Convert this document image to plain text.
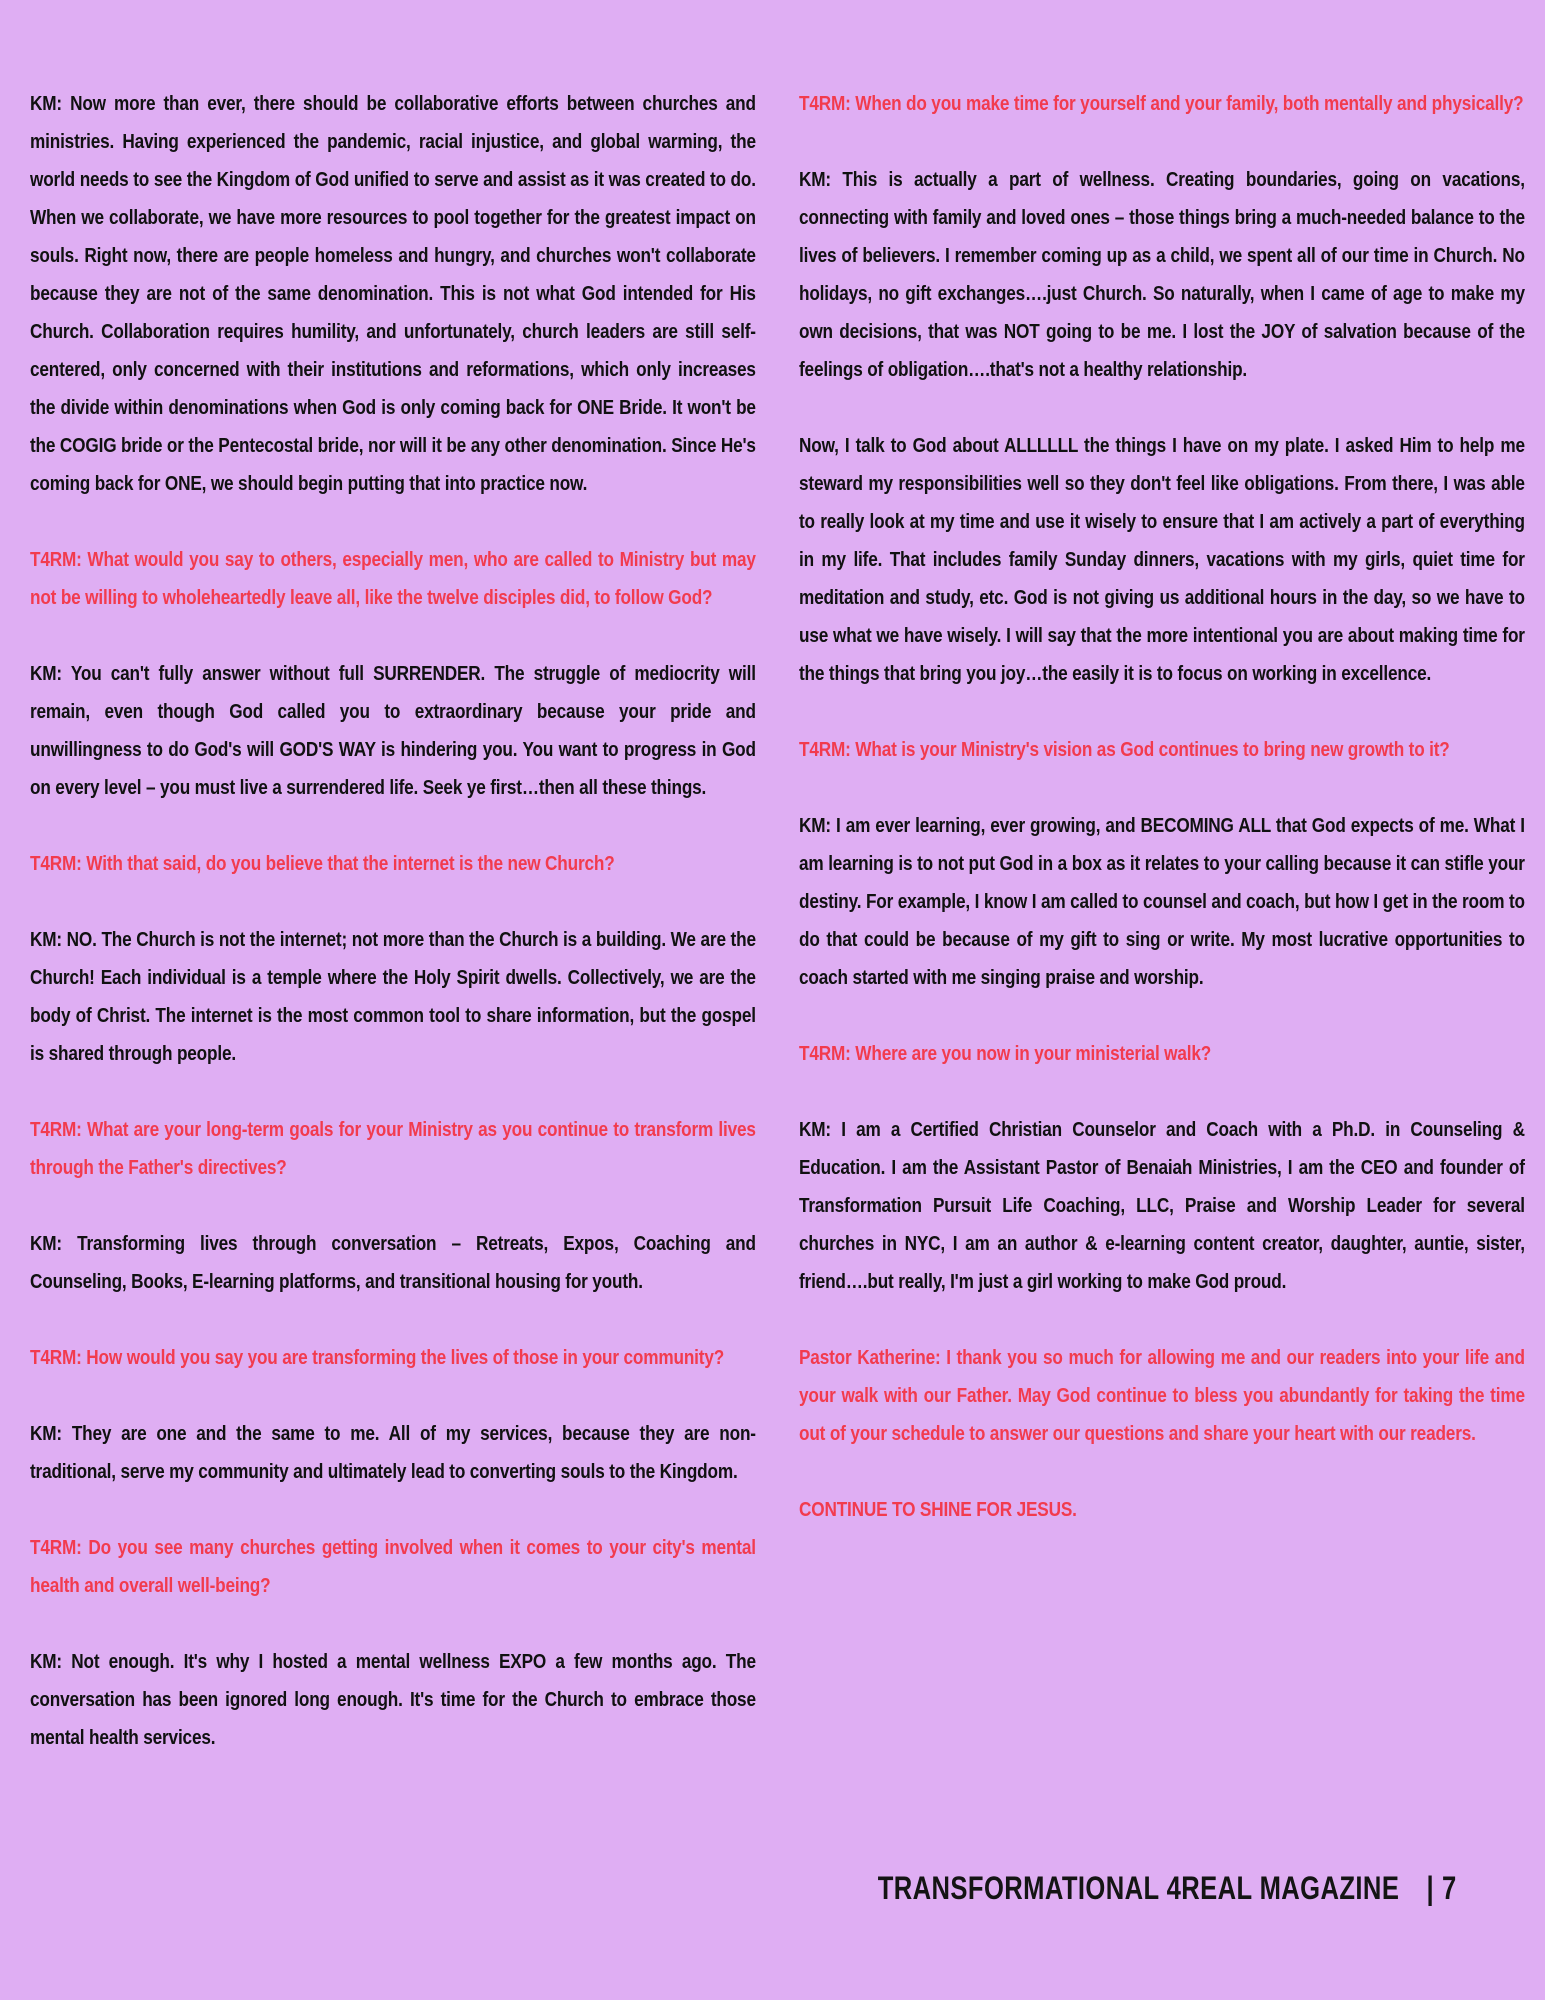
KM: Now more than ever, there should be collaborative efforts between churches and ministries. Having experienced the pandemic, racial injustice, and global warming, the world needs to see the Kingdom of God unified to serve and assist as it was created to do. When we collaborate, we have more resources to pool together for the greatest impact on souls. Right now, there are people homeless and hungry, and churches won't collaborate because they are not of the same denomination. This is not what God intended for His Church. Collaboration requires humility, and unfortunately, church leaders are still self-centered, only concerned with their institutions and reformations, which only increases the divide within denominations when God is only coming back for ONE Bride. It won't be the COGIG bride or the Pentecostal bride, nor will it be any other denomination. Since He's coming back for ONE, we should begin putting that into practice now.

T4RM: What would you say to others, especially men, who are called to Ministry but may not be willing to wholeheartedly leave all, like the twelve disciples did, to follow God?

KM: You can't fully answer without full SURRENDER. The struggle of mediocrity will remain, even though God called you to extraordinary because your pride and unwillingness to do God's will GOD'S WAY is hindering you. You want to progress in God on every level – you must live a surrendered life. Seek ye first…then all these things.

T4RM: With that said, do you believe that the internet is the new Church?

KM: NO. The Church is not the internet; not more than the Church is a building. We are the Church! Each individual is a temple where the Holy Spirit dwells. Collectively, we are the body of Christ. The internet is the most common tool to share information, but the gospel is shared through people.

T4RM: What are your long-term goals for your Ministry as you continue to transform lives through the Father's directives?

KM: Transforming lives through conversation – Retreats, Expos, Coaching and Counseling, Books, E-learning platforms, and transitional housing for youth.

T4RM: How would you say you are transforming the lives of those in your community?

KM: They are one and the same to me. All of my services, because they are non-traditional, serve my community and ultimately lead to converting souls to the Kingdom.

T4RM: Do you see many churches getting involved when it comes to your city's mental health and overall well-being?

KM: Not enough. It's why I hosted a mental wellness EXPO a few months ago. The conversation has been ignored long enough. It's time for the Church to embrace those mental health services.

T4RM: When do you make time for yourself and your family, both mentally and physically?

KM: This is actually a part of wellness. Creating boundaries, going on vacations, connecting with family and loved ones – those things bring a much-needed balance to the lives of believers. I remember coming up as a child, we spent all of our time in Church. No holidays, no gift exchanges….just Church. So naturally, when I came of age to make my own decisions, that was NOT going to be me. I lost the JOY of salvation because of the feelings of obligation….that's not a healthy relationship.

Now, I talk to God about ALLLLLL the things I have on my plate. I asked Him to help me steward my responsibilities well so they don't feel like obligations. From there, I was able to really look at my time and use it wisely to ensure that I am actively a part of everything in my life. That includes family Sunday dinners, vacations with my girls, quiet time for meditation and study, etc. God is not giving us additional hours in the day, so we have to use what we have wisely. I will say that the more intentional you are about making time for the things that bring you joy…the easily it is to focus on working in excellence.

T4RM: What is your Ministry's vision as God continues to bring new growth to it?

KM: I am ever learning, ever growing, and BECOMING ALL that God expects of me. What I am learning is to not put God in a box as it relates to your calling because it can stifle your destiny. For example, I know I am called to counsel and coach, but how I get in the room to do that could be because of my gift to sing or write. My most lucrative opportunities to coach started with me singing praise and worship.

T4RM: Where are you now in your ministerial walk?

KM: I am a Certified Christian Counselor and Coach with a Ph.D. in Counseling & Education. I am the Assistant Pastor of Benaiah Ministries, I am the CEO and founder of Transformation Pursuit Life Coaching, LLC, Praise and Worship Leader for several churches in NYC, I am an author & e-learning content creator, daughter, auntie, sister, friend….but really, I'm just a girl working to make God proud.

Pastor Katherine: I thank you so much for allowing me and our readers into your life and your walk with our Father. May God continue to bless you abundantly for taking the time out of your schedule to answer our questions and share your heart with our readers.

CONTINUE TO SHINE FOR JESUS.

TRANSFORMATIONAL 4REAL MAGAZINE | 7
